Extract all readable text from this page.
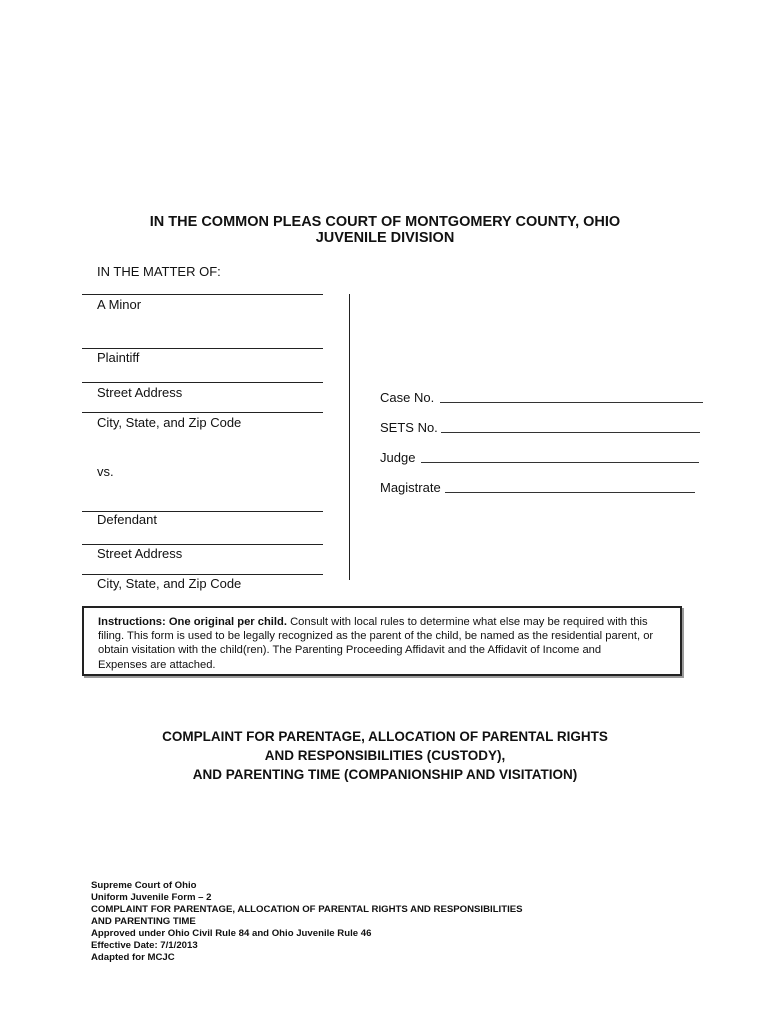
IN THE COMMON PLEAS COURT OF MONTGOMERY COUNTY, OHIO
JUVENILE DIVISION
IN THE MATTER OF:
A Minor
Plaintiff
Street Address
City, State, and Zip Code
vs.
Defendant
Street Address
City, State, and Zip Code
Case No.
SETS No.
Judge
Magistrate
Instructions: One original per child. Consult with local rules to determine what else may be required with this
filing. This form is used to be legally recognized as the parent of the child, be named as the residential parent, or
obtain visitation with the child(ren). The Parenting Proceeding Affidavit and the Affidavit of Income and
Expenses are attached.
COMPLAINT FOR PARENTAGE, ALLOCATION OF PARENTAL RIGHTS
AND RESPONSIBILITIES (CUSTODY),
AND PARENTING TIME (COMPANIONSHIP AND VISITATION)
Supreme Court of Ohio
Uniform Juvenile Form – 2
COMPLAINT FOR PARENTAGE, ALLOCATION OF PARENTAL RIGHTS AND RESPONSIBILITIES
AND PARENTING TIME
Approved under Ohio Civil Rule 84 and Ohio Juvenile Rule 46
Effective Date: 7/1/2013
Adapted for MCJC
